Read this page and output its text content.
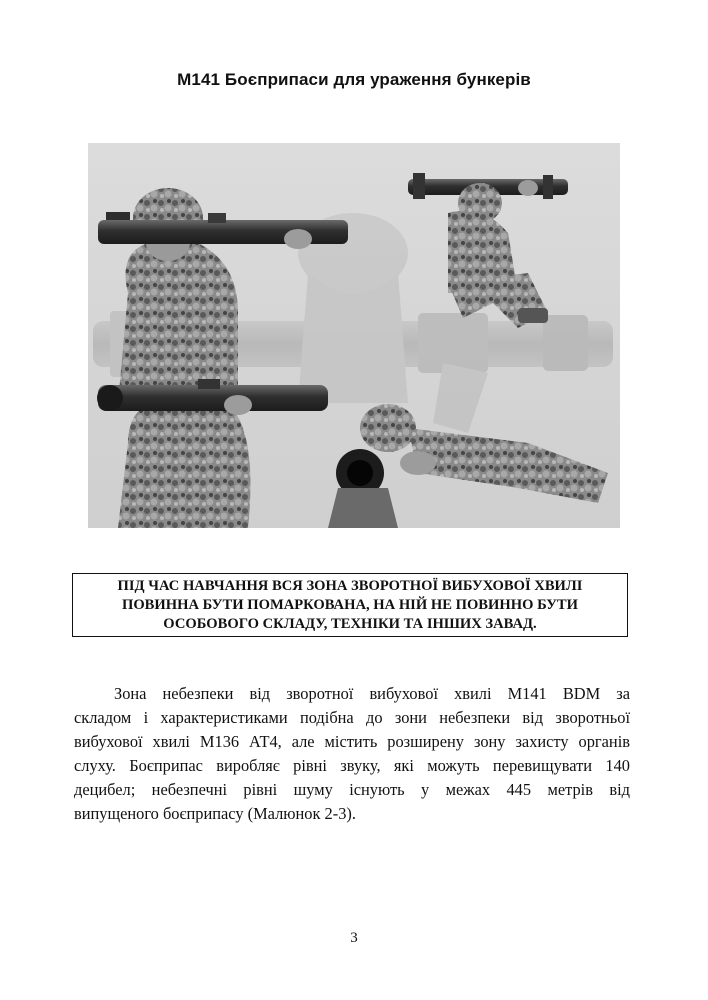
М141 Боєприпаси для ураження бункерів
ПІД ЧАС НАВЧАННЯ ВСЯ ЗОНА ЗВОРОТНОЇ ВИБУХОВОЇ ХВИЛІ
ПОВИННА БУТИ ПОМАРКОВАНА, НА НІЙ НЕ ПОВИННО БУТИ
ОСОБОВОГО СКЛАДУ, ТЕХНІКИ ТА ІНШИХ ЗАВАД.
Зона небезпеки від зворотної вибухової хвилі M141 BDM за
складом і характеристиками подібна до зони небезпеки від зворотньої
вибухової хвилі М136 АТ4, але містить розширену зону захисту органів
слуху. Боєприпас виробляє рівні звуку, які можуть перевищувати 140
децибел; небезпечні рівні шуму існують у межах 445 метрів від
випущеного боєприпасу (Малюнок 2-3).
3
